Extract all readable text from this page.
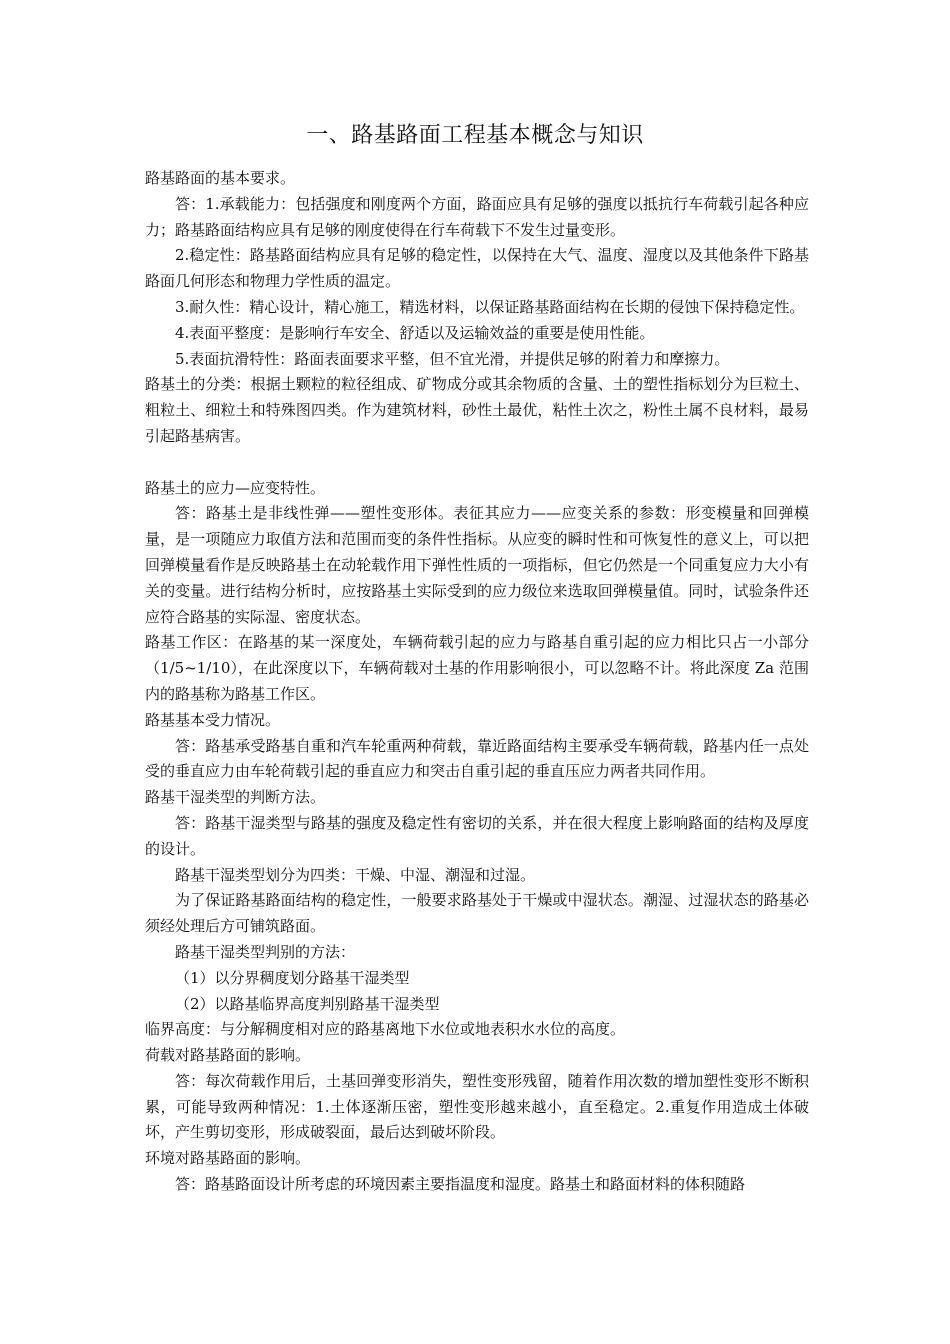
一、路基路面工程基本概念与知识

路基路面的基本要求。

答：1.承载能力：包括强度和刚度两个方面，路面应具有足够的强度以抵抗行车荷载引起各种应力；路基路面结构应具有足够的刚度使得在行车荷载下不发生过量变形。

2.稳定性：路基路面结构应具有足够的稳定性，以保持在大气、温度、湿度以及其他条件下路基路面几何形态和物理力学性质的温定。

3.耐久性：精心设计，精心施工，精选材料，以保证路基路面结构在长期的侵蚀下保持稳定性。

4.表面平整度：是影响行车安全、舒适以及运输效益的重要是使用性能。

5.表面抗滑特性：路面表面要求平整，但不宜光滑，并提供足够的附着力和摩擦力。

路基土的分类：根据土颗粒的粒径组成、矿物成分或其余物质的含量、土的塑性指标划分为巨粒土、粗粒土、细粒土和特殊图四类。作为建筑材料，砂性土最优，粘性土次之，粉性土属不良材料，最易引起路基病害。

路基土的应力—应变特性。

答：路基土是非线性弹——塑性变形体。表征其应力——应变关系的参数：形变模量和回弹模量，是一项随应力取值方法和范围而变的条件性指标。从应变的瞬时性和可恢复性的意义上，可以把回弹模量看作是反映路基土在动轮载作用下弹性性质的一项指标，但它仍然是一个同重复应力大小有关的变量。进行结构分析时，应按路基土实际受到的应力级位来选取回弹模量值。同时，试验条件还应符合路基的实际湿、密度状态。

路基工作区：在路基的某一深度处，车辆荷载引起的应力与路基自重引起的应力相比只占一小部分（1/5~1/10），在此深度以下，车辆荷载对土基的作用影响很小，可以忽略不计。将此深度 Za 范围内的路基称为路基工作区。

路基基本受力情况。

答：路基承受路基自重和汽车轮重两种荷载，靠近路面结构主要承受车辆荷载，路基内任一点处受的垂直应力由车轮荷载引起的垂直应力和突击自重引起的垂直压应力两者共同作用。

路基干湿类型的判断方法。

答：路基干湿类型与路基的强度及稳定性有密切的关系，并在很大程度上影响路面的结构及厚度的设计。

路基干湿类型划分为四类：干燥、中湿、潮湿和过湿。

为了保证路基路面结构的稳定性，一般要求路基处于干燥或中湿状态。潮湿、过湿状态的路基必须经处理后方可铺筑路面。

路基干湿类型判别的方法：

（1）以分界稠度划分路基干湿类型

（2）以路基临界高度判别路基干湿类型

临界高度：与分解稠度相对应的路基离地下水位或地表积水水位的高度。

荷载对路基路面的影响。

答：每次荷载作用后，土基回弹变形消失，塑性变形残留，随着作用次数的增加塑性变形不断积累，可能导致两种情况：1.土体逐渐压密，塑性变形越来越小，直至稳定。2.重复作用造成土体破坏，产生剪切变形，形成破裂面，最后达到破坏阶段。

环境对路基路面的影响。

答：路基路面设计所考虑的环境因素主要指温度和湿度。路基土和路面材料的体积随路
